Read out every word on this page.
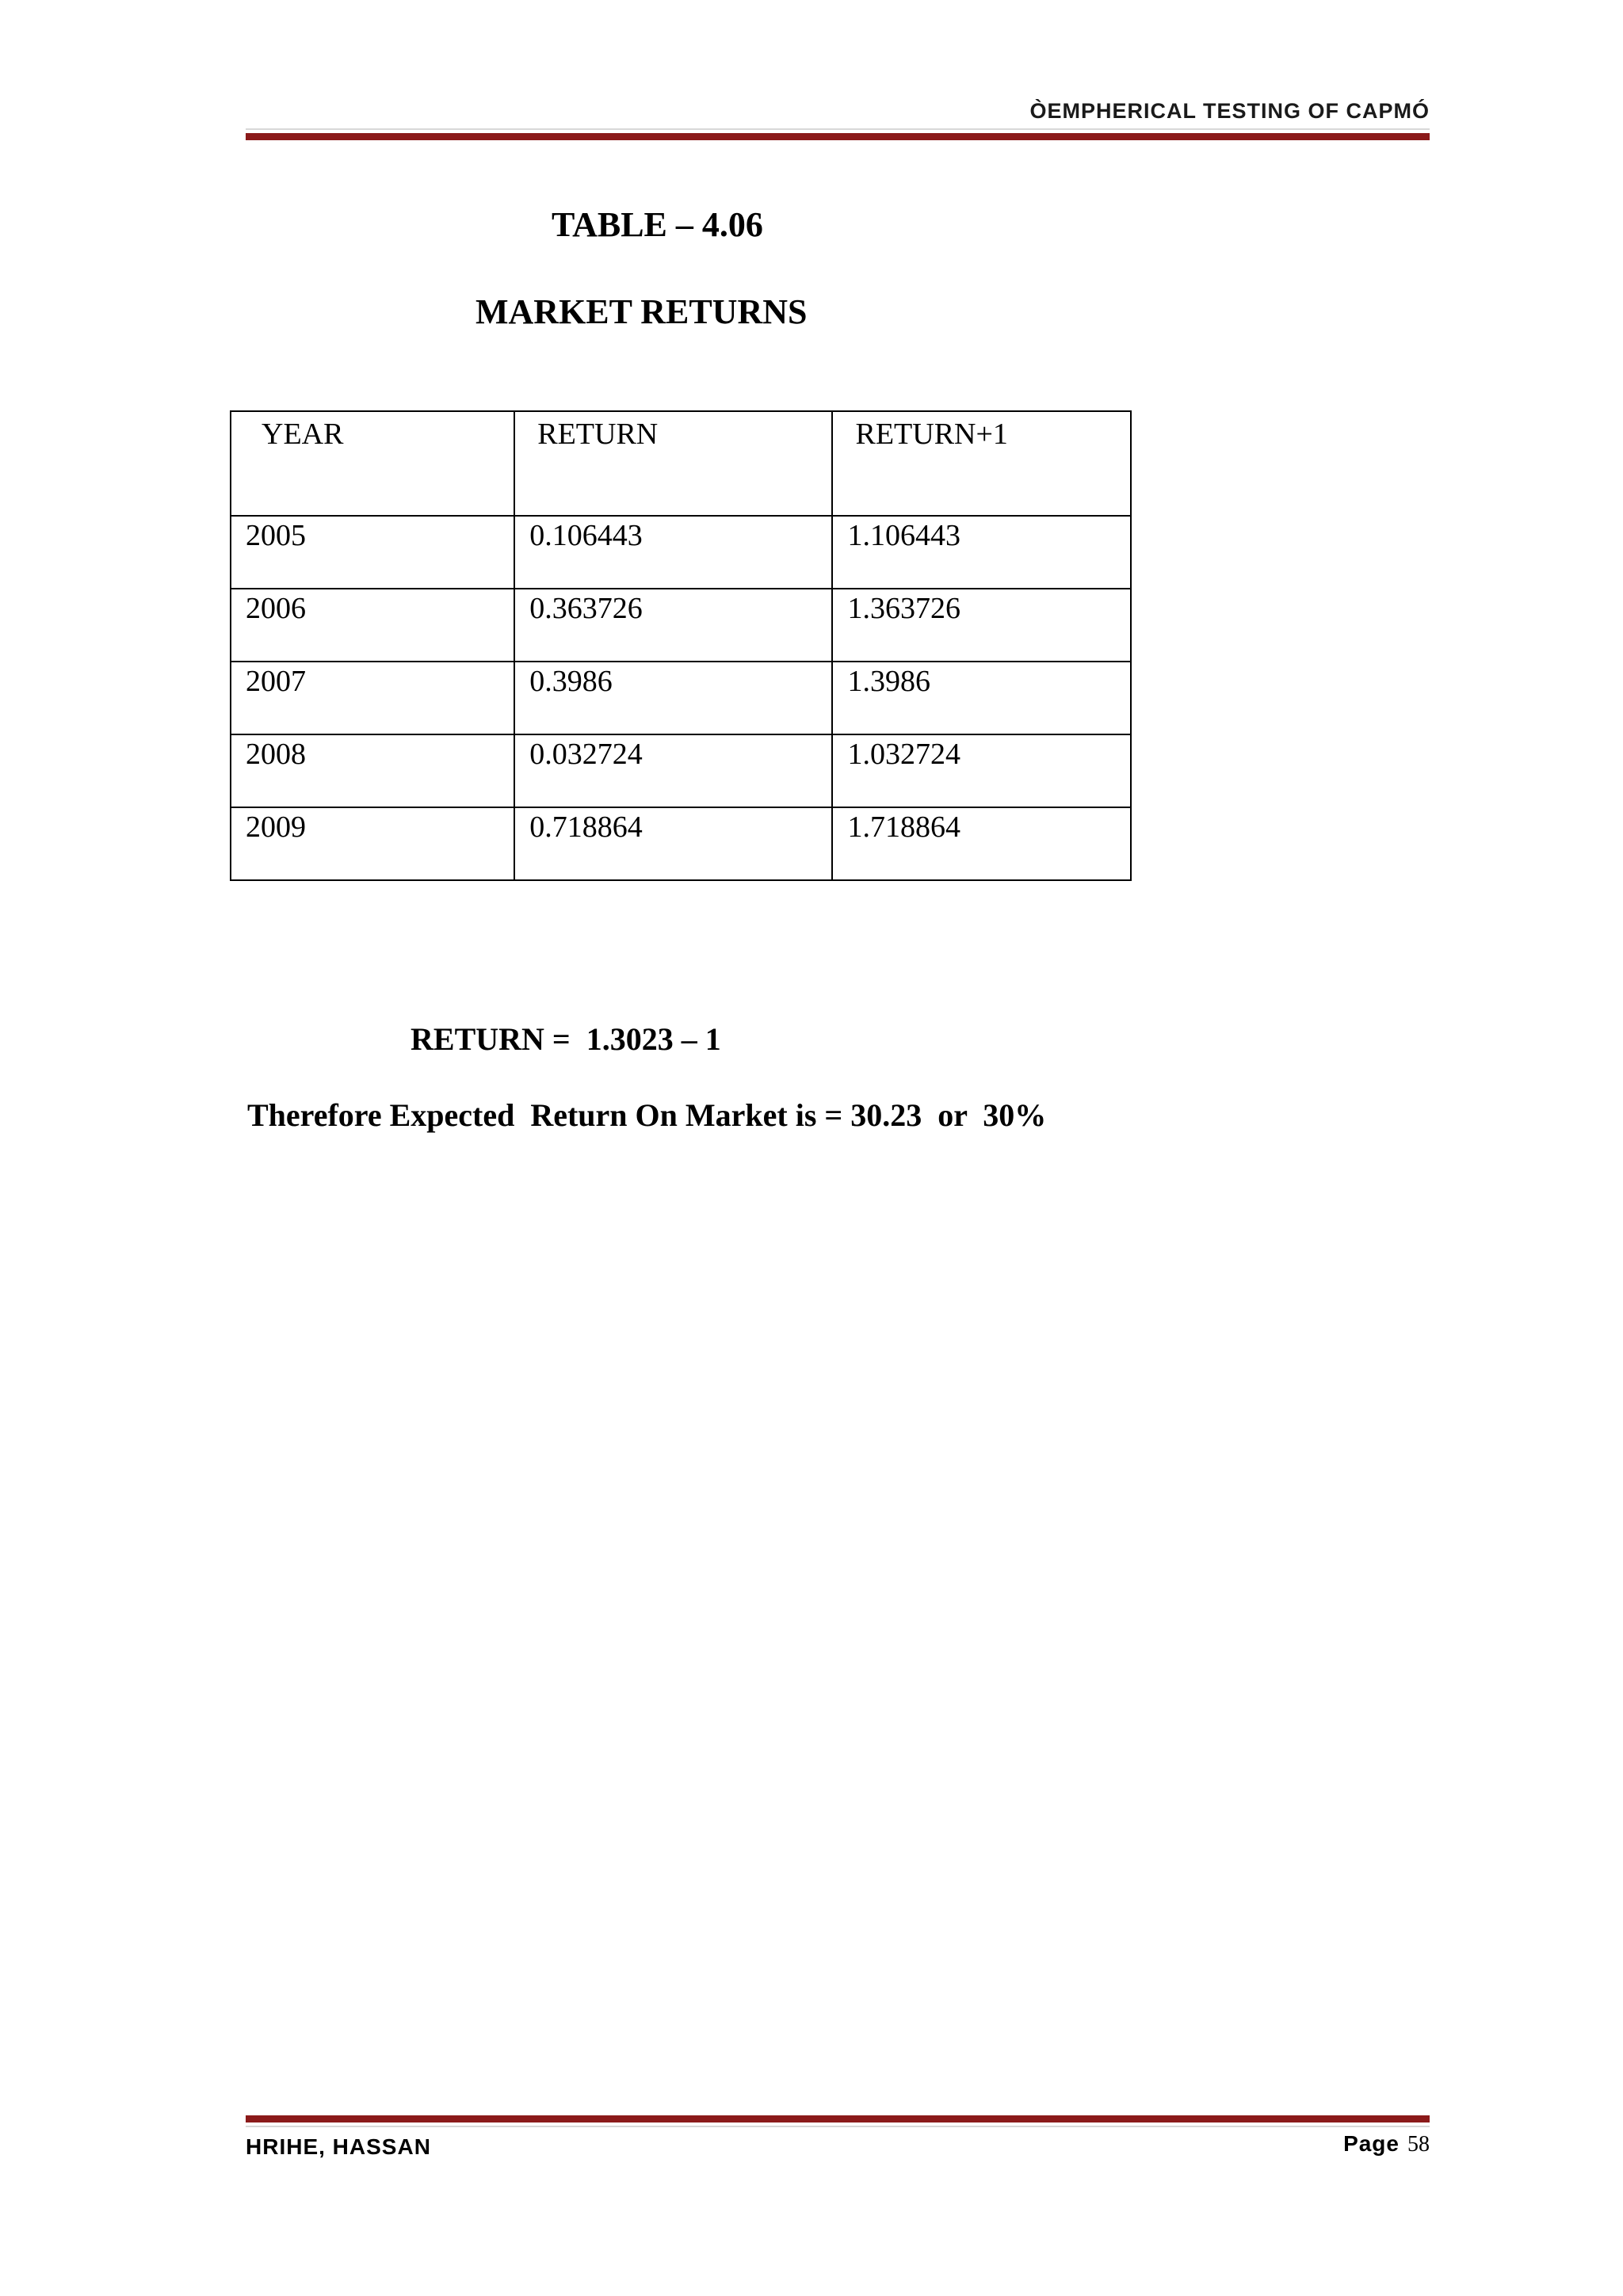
ÒEMPHERICAL TESTING OF CAPMÓ
TABLE – 4.06
MARKET RETURNS
YEAR	RETURN	RETURN+1
2005	0.106443	1.106443
2006	0.363726	1.363726
2007	0.3986	1.3986
2008	0.032724	1.032724
2009	0.718864	1.718864
RETURN =  1.3023 – 1
Therefore Expected  Return On Market is = 30.23  or  30%
HRIHE, HASSAN	Page 58
